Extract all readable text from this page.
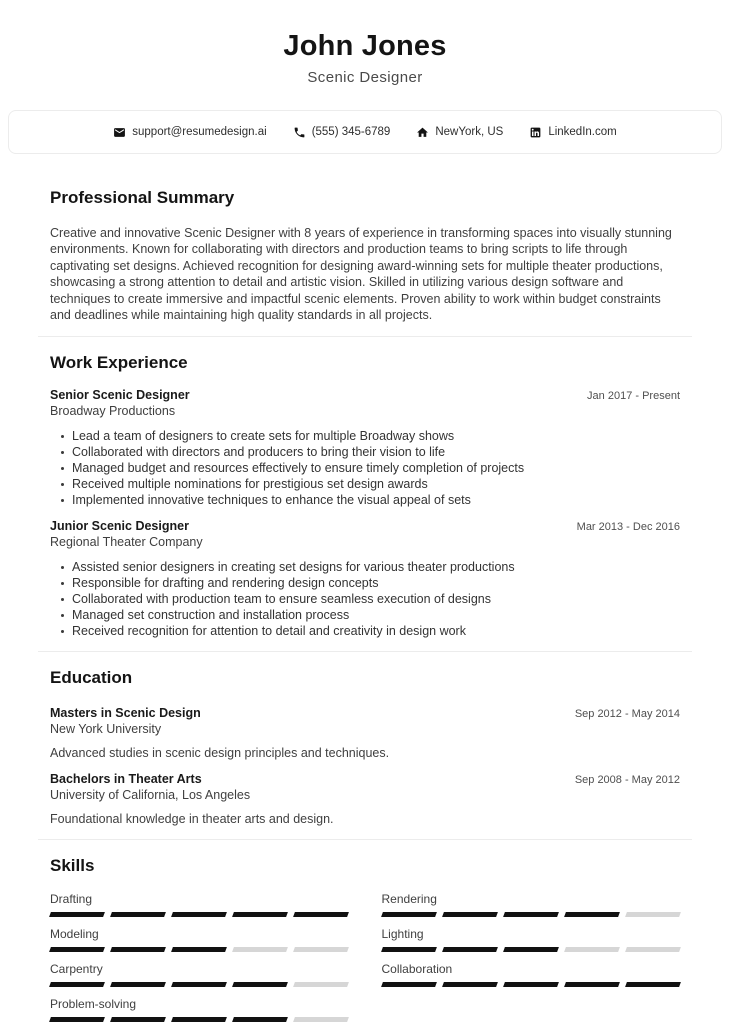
John Jones
Scenic Designer
support@resumedesign.ai	(555) 345-6789	NewYork, US	LinkedIn.com
Professional Summary

Creative and innovative Scenic Designer with 8 years of experience in transforming spaces into visually stunning environments. Known for collaborating with directors and production teams to bring scripts to life through captivating set designs. Achieved recognition for designing award-winning sets for multiple theater productions, showcasing a strong attention to detail and artistic vision. Skilled in utilizing various design software and techniques to create immersive and impactful scenic elements. Proven ability to work within budget constraints and deadlines while maintaining high quality standards in all projects.

Work Experience
Senior Scenic Designer
Broadway Productions
Jan 2017 - Present
Lead a team of designers to create sets for multiple Broadway shows
Collaborated with directors and producers to bring their vision to life
Managed budget and resources effectively to ensure timely completion of projects
Received multiple nominations for prestigious set design awards
Implemented innovative techniques to enhance the visual appeal of sets
Junior Scenic Designer
Regional Theater Company
Mar 2013 - Dec 2016
Assisted senior designers in creating set designs for various theater productions
Responsible for drafting and rendering design concepts
Collaborated with production team to ensure seamless execution of designs
Managed set construction and installation process
Received recognition for attention to detail and creativity in design work
Education
Masters in Scenic Design
New York University
Sep 2012 - May 2014
Advanced studies in scenic design principles and techniques.
Bachelors in Theater Arts
University of California, Los Angeles
Sep 2008 - May 2012
Foundational knowledge in theater arts and design.
Skills
Drafting	Rendering
Modeling	Lighting
Carpentry	Collaboration
Problem-solving
